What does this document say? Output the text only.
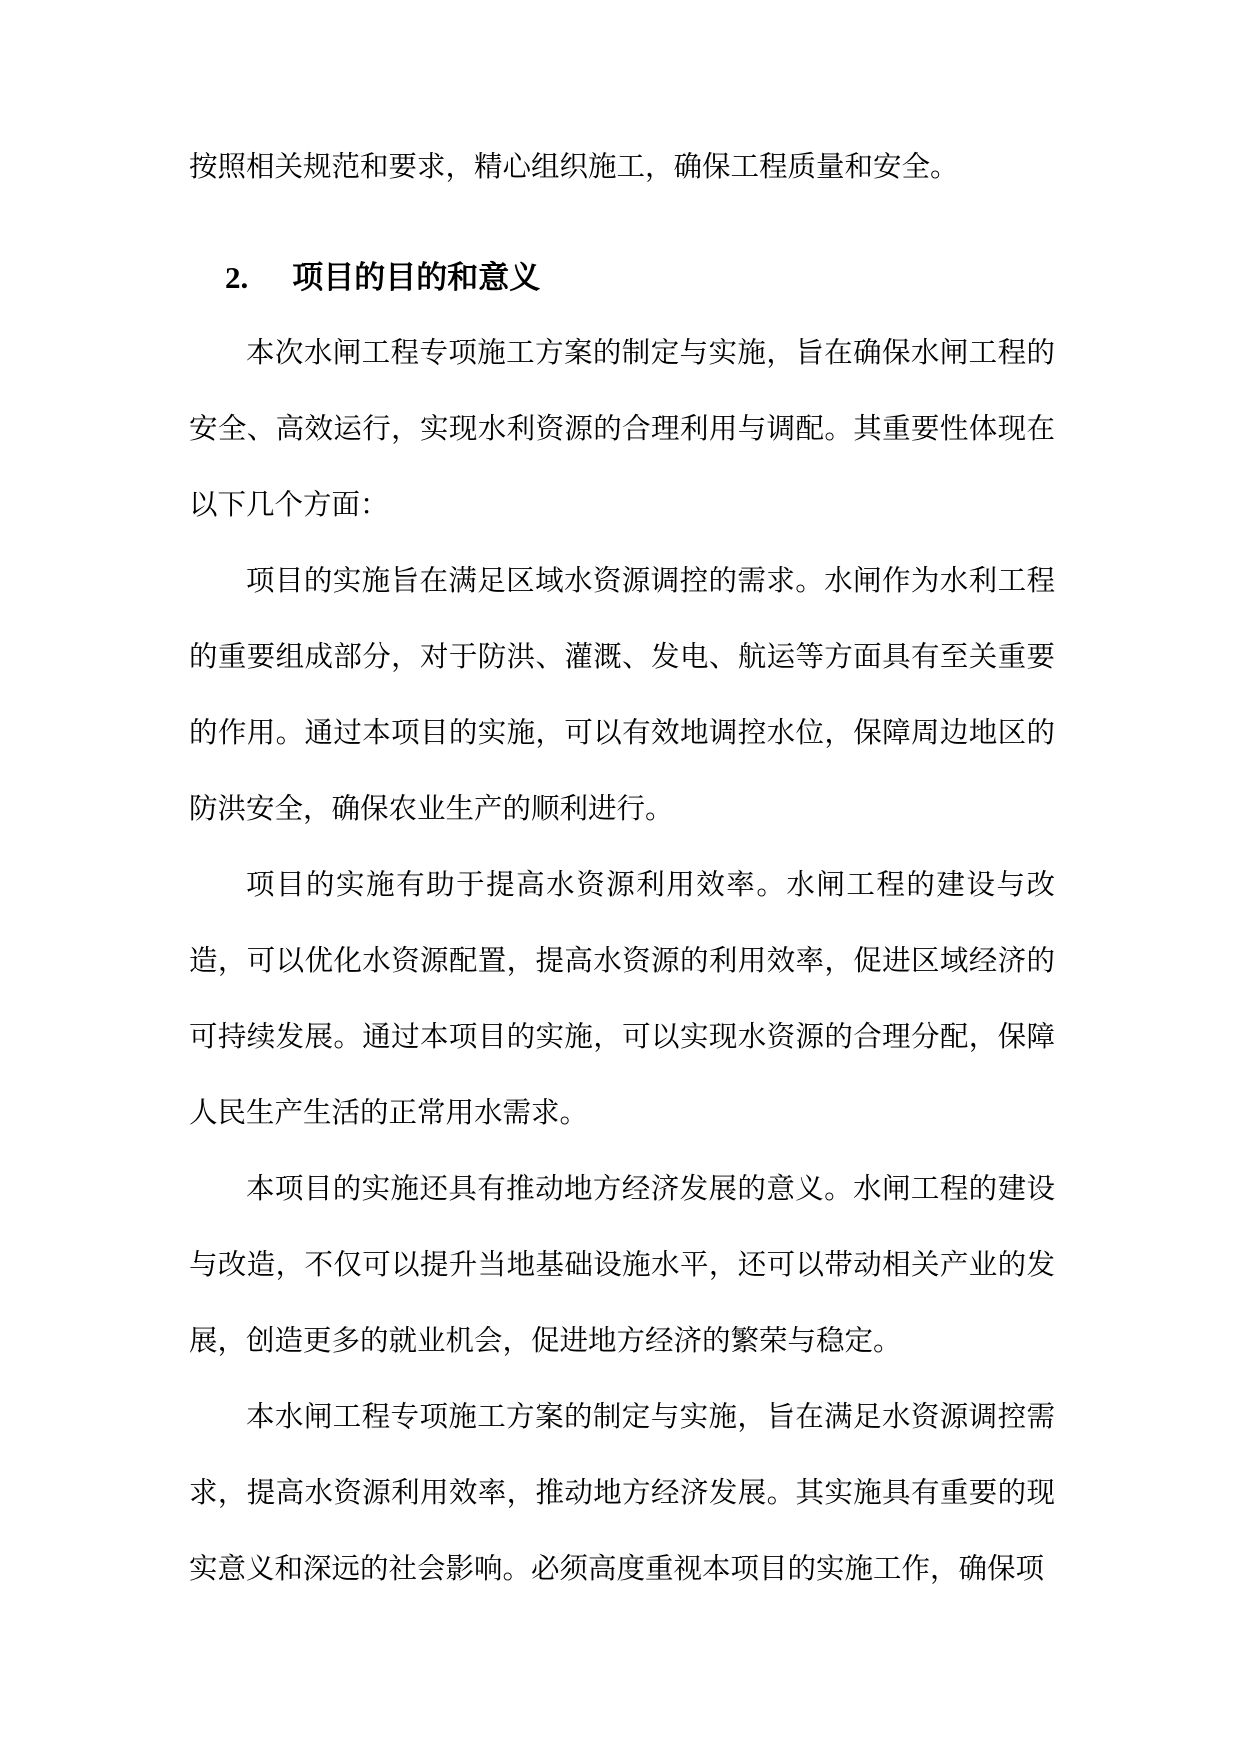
按照相关规范和要求，精心组织施工，确保工程质量和安全。

2. 项目的目的和意义

本次水闸工程专项施工方案的制定与实施，旨在确保水闸工程的安全、高效运行，实现水利资源的合理利用与调配。其重要性体现在以下几个方面：

项目的实施旨在满足区域水资源调控的需求。水闸作为水利工程的重要组成部分，对于防洪、灌溉、发电、航运等方面具有至关重要的作用。通过本项目的实施，可以有效地调控水位，保障周边地区的防洪安全，确保农业生产的顺利进行。

项目的实施有助于提高水资源利用效率。水闸工程的建设与改造，可以优化水资源配置，提高水资源的利用效率，促进区域经济的可持续发展。通过本项目的实施，可以实现水资源的合理分配，保障人民生产生活的正常用水需求。

本项目的实施还具有推动地方经济发展的意义。水闸工程的建设与改造，不仅可以提升当地基础设施水平，还可以带动相关产业的发展，创造更多的就业机会，促进地方经济的繁荣与稳定。

本水闸工程专项施工方案的制定与实施，旨在满足水资源调控需求，提高水资源利用效率，推动地方经济发展。其实施具有重要的现实意义和深远的社会影响。必须高度重视本项目的实施工作，确保项
